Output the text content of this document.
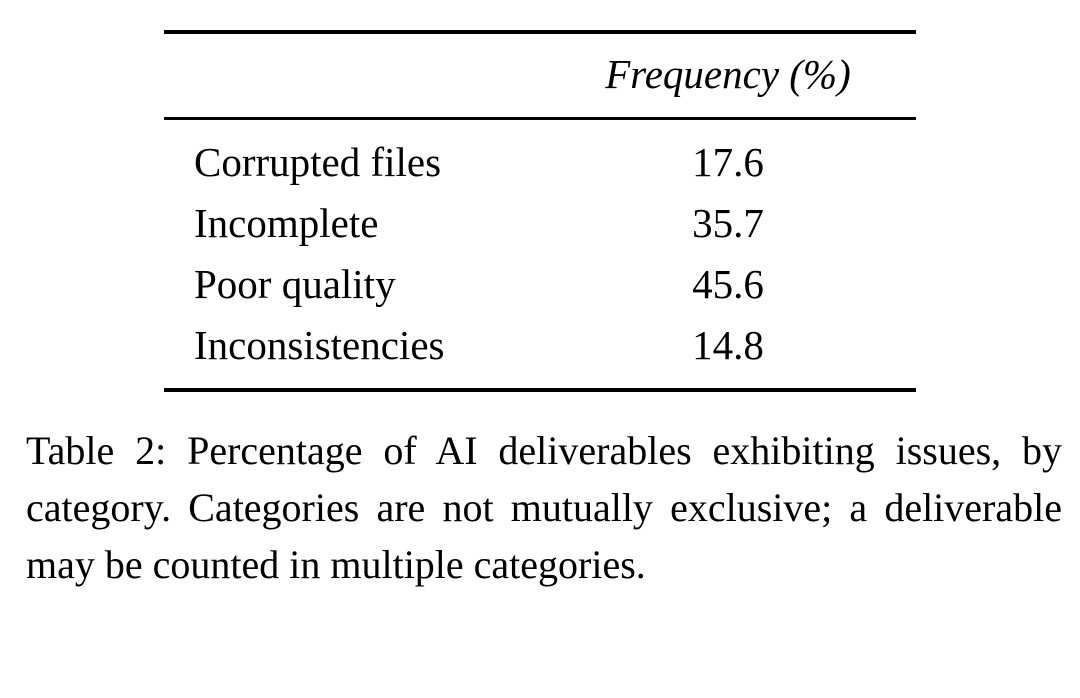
	Frequency (%)

Corrupted files	17.6
Incomplete	35.7
Poor quality	45.6
Inconsistencies	14.8

Table 2: Percentage of AI deliverables exhibiting issues, by category. Categories are not mutually exclusive; a deliverable may be counted in multiple categories.
